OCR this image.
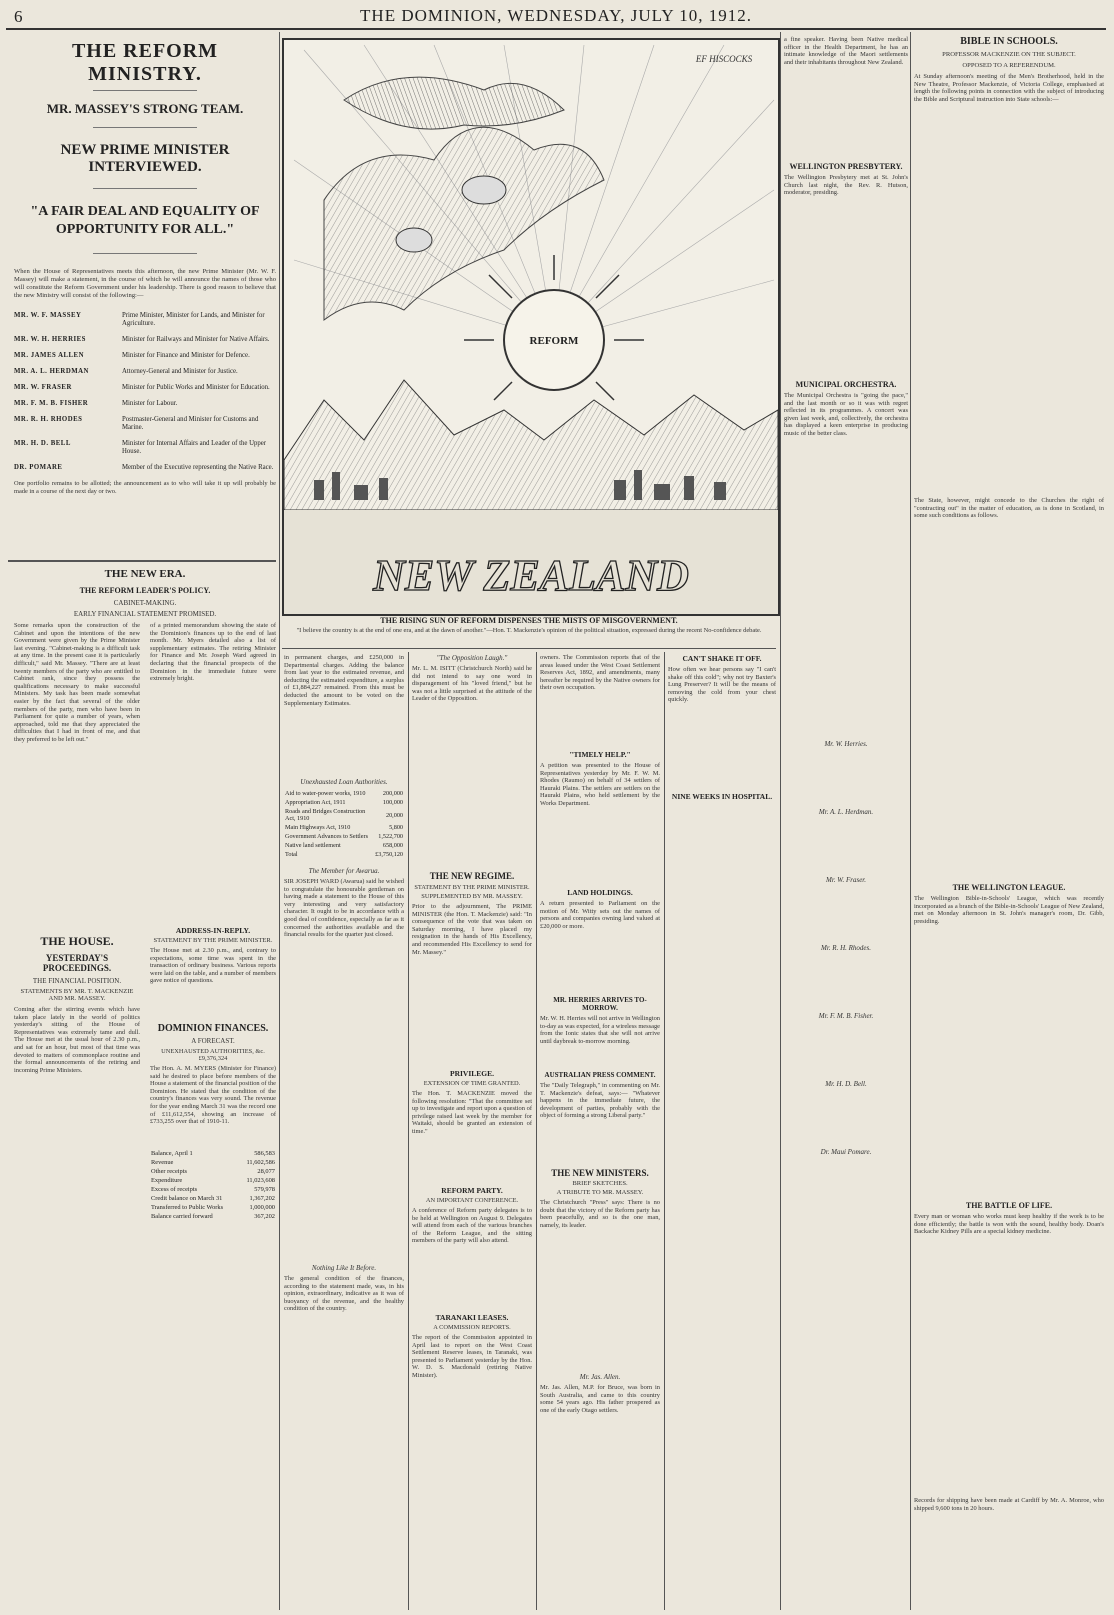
6	THE DOMINION, WEDNESDAY, JULY 10, 1912.
THE REFORM MINISTRY.
MR. MASSEY'S STRONG TEAM.
NEW PRIME MINISTER INTERVIEWED.
"A FAIR DEAL AND EQUALITY OF OPPORTUNITY FOR ALL."
When the House of Representatives meets this afternoon, the new Prime Minister (Mr. W. F. Massey) will make a statement, in the course of which he will announce the names of those who will constitute the Reform Government under his leadership. There is good reason to believe that the new Ministry will consist of the following:—
MR. W. F. MASSEY	Prime Minister, Minister for Lands, and Minister for Agriculture.
MR. W. H. HERRIES	Minister for Railways and Minister for Native Affairs.
MR. JAMES ALLEN	Minister for Finance and Minister for Defence.
MR. A. L. HERDMAN	Attorney-General and Minister for Justice.
MR. W. FRASER	Minister for Public Works and Minister for Education.
MR. F. M. B. FISHER	Minister for Labour.
MR. R. H. RHODES	Postmaster-General and Minister for Customs and Marine.
MR. H. D. BELL	Minister for Internal Affairs and Leader of the Upper House.
DR. POMARE	Member of the Executive representing the Native Race.
One portfolio remains to be allotted; the announcement as to who will take it up will probably be made in a course of the next day or two.
REFORM
NEW ZEALAND
EF HISCOCKS
THE RISING SUN OF REFORM DISPENSES THE MISTS OF MISGOVERNMENT.
"I believe the country is at the end of one era, and at the dawn of another."—Hon. T. Mackenzie's opinion of the political situation, expressed during the recent No-confidence debate.
THE NEW ERA.
THE REFORM LEADER'S POLICY.
CABINET-MAKING.
EARLY FINANCIAL STATEMENT PROMISED.
Some remarks upon the construction of the Cabinet and upon the intentions of the new Government were given by the Prime Minister last evening. "Cabinet-making is a difficult task at any time. In the present case it is particularly difficult," said Mr. Massey. "There are at least twenty members of the party who are entitled to Cabinet rank, since they possess the qualifications necessary to make successful Ministers. My task has been made somewhat easier by the fact that several of the older members of the party, men who have been in Parliament for quite a number of years, when approached, told me that they appreciated the difficulties that I had in front of me, and that they preferred to be left out."
of a printed memorandum showing the state of the Dominion's finances up to the end of last month. Mr. Myers detailed also a list of supplementary estimates. The retiring Minister for Finance and Mr. Joseph Ward agreed in declaring that the financial prospects of the Dominion in the immediate future were extremely bright.
THE HOUSE.
YESTERDAY'S PROCEEDINGS.
THE FINANCIAL POSITION.
STATEMENTS BY MR. T. MACKENZIE AND MR. MASSEY.
Coming after the stirring events which have taken place lately in the world of politics yesterday's sitting of the House of Representatives was extremely tame and dull. The House met at the usual hour of 2.30 p.m., and sat for an hour, but most of that time was devoted to matters of commonplace routine and the formal announcements of the retiring and incoming Prime Ministers.
ADDRESS-IN-REPLY.
STATEMENT BY THE PRIME MINISTER.
The House met at 2.30 p.m., and, contrary to expectations, some time was spent in the transaction of ordinary business. Various reports were laid on the table, and a number of members gave notice of questions.
DOMINION FINANCES.
A FORECAST.
UNEXHAUSTED AUTHORITIES, &c. £9,376,324
The Hon. A. M. MYERS (Minister for Finance) said he desired to place before members of the House a statement of the financial position of the Dominion. He stated that the condition of the country's finances was very sound. The revenue for the year ending March 31 was the record one of £11,612,554, showing an increase of £733,255 over that of 1910-11.
Balance, April 1	586,583
Revenue	11,602,586
Other receipts	28,077
Expenditure	11,023,608
Excess of receipts	579,978
Credit balance on March 31	1,367,202
Transferred to Public Works	1,000,000
Balance carried forward	367,202
in permanent charges, and £250,000 in Departmental charges. Adding the balance from last year to the estimated revenue, and deducting the estimated expenditure, a surplus of £1,884,227 remained. From this must be deducted the amount to be voted on the Supplementary Estimates.
Unexhausted Loan Authorities.
Aid to water-power works, 1910	200,000
Appropriation Act, 1911	100,000
Roads and Bridges Construction Act, 1910	20,000
Main Highways Act, 1910	5,800
Government Advances to Settlers	1,522,700
Native land settlement	658,000
Total	£3,750,120
The Member for Awarua.
SIR JOSEPH WARD (Awarua) said he wished to congratulate the honourable gentleman on having made a statement to the House of this very interesting and very satisfactory character. It ought to be in accordance with a good deal of confidence, especially as far as it concerned the authorities available and the financial results for the quarter just closed.
Nothing Like It Before.
The general condition of the finances, according to the statement made, was, in his opinion, extraordinary, indicative as it was of buoyancy of the revenue, and the healthy condition of the country.
"The Opposition Laugh."
Mr. L. M. ISITT (Christchurch North) said he did not intend to say one word in disparagement of his "loved friend," but he was not a little surprised at the attitude of the Leader of the Opposition.
THE NEW REGIME.
STATEMENT BY THE PRIME MINISTER.
SUPPLEMENTED BY MR. MASSEY.
Prior to the adjournment, The PRIME MINISTER (the Hon. T. Mackenzie) said: "In consequence of the vote that was taken on Saturday morning, I have placed my resignation in the hands of His Excellency, and recommended His Excellency to send for Mr. Massey."
PRIVILEGE.
EXTENSION OF TIME GRANTED.
The Hon. T. MACKENZIE moved the following resolution: "That the committee set up to investigate and report upon a question of privilege raised last week by the member for Waitaki, should be granted an extension of time."
REFORM PARTY.
AN IMPORTANT CONFERENCE.
A conference of Reform party delegates is to be held at Wellington on August 9. Delegates will attend from each of the various branches of the Reform League, and the sitting members of the party will also attend.
TARANAKI LEASES.
A COMMISSION REPORTS.
The report of the Commission appointed in April last to report on the West Coast Settlement Reserve leases, in Taranaki, was presented to Parliament yesterday by the Hon. W. D. S. Macdonald (retiring Native Minister).
owners. The Commission reports that of the areas leased under the West Coast Settlement Reserves Act, 1892, and amendments, many hereafter be required by the Native owners for their own occupation.
"TIMELY HELP."
A petition was presented to the House of Representatives yesterday by Mr. F. W. M. Rhodes (Raumo) on behalf of 34 settlers of Hauraki Plains. The settlers are settlers on the Hauraki Plains, who held settlement by the Works Department.
LAND HOLDINGS.
A return presented to Parliament on the motion of Mr. Witty sets out the names of persons and companies owning land valued at £20,000 or more.
MR. HERRIES ARRIVES TO-MORROW.
Mr. W. H. Herries will not arrive in Wellington to-day as was expected, for a wireless message from the Ionic states that she will not arrive until daybreak to-morrow morning.
AUSTRALIAN PRESS COMMENT.
The "Daily Telegraph," in commenting on Mr. T. Mackenzie's defeat, says:— "Whatever happens in the immediate future, the development of parties, probably with the object of forming a strong Liberal party."
THE NEW MINISTERS.
BRIEF SKETCHES.
A TRIBUTE TO MR. MASSEY.
The Christchurch "Press" says: There is no doubt that the victory of the Reform party has been peacefully, and so is the one man, namely, its leader.
Mr. Jas. Allen.
Mr. Jas. Allen, M.P. for Bruce, was born in South Australia, and came to this country some 54 years ago. His father prospered as one of the early Otago settlers.
a fine speaker. Having been Native medical officer in the Health Department, he has an intimate knowledge of the Maori settlements and their inhabitants throughout New Zealand.
WELLINGTON PRESBYTERY.
The Wellington Presbytery met at St. John's Church last night, the Rev. R. Hutson, moderator, presiding.
MUNICIPAL ORCHESTRA.
The Municipal Orchestra is "going the pace," and the last month or so it was with regret reflected in its programmes. A concert was given last week, and, collectively, the orchestra has displayed a keen enterprise in producing music of the better class.
Mr. W. Herries.
Mr. A. L. Herdman.
Mr. W. Fraser.
Mr. R. H. Rhodes.
Mr. F. M. B. Fisher.
Mr. H. D. Bell.
Dr. Maui Pomare.
BIBLE IN SCHOOLS.
PROFESSOR MACKENZIE ON THE SUBJECT.
OPPOSED TO A REFERENDUM.
At Sunday afternoon's meeting of the Men's Brotherhood, held in the New Theatre, Professor Mackenzie, of Victoria College, emphasised at length the following points in connection with the subject of introducing the Bible and Scriptural instruction into State schools:—
The State, however, might concede to the Churches the right of "contracting out" in the matter of education, as is done in Scotland, in some such conditions as follows.
THE WELLINGTON LEAGUE.
The Wellington Bible-in-Schools' League, which was recently incorporated as a branch of the Bible-in-Schools' League of New Zealand, met on Monday afternoon in St. John's manager's room, Dr. Gibb, presiding.
THE BATTLE OF LIFE.
Every man or woman who works must keep healthy if the work is to be done efficiently; the battle is won with the sound, healthy body. Doan's Backache Kidney Pills are a special kidney medicine.
Records for shipping have been made at Cardiff by Mr. A. Monroe, who shipped 9,600 tons in 20 hours.
CAN'T SHAKE IT OFF.
How often we hear persons say "I can't shake off this cold"; why not try Baxter's Lung Preserver? It will be the means of removing the cold from your chest quickly.
NINE WEEKS IN HOSPITAL.
